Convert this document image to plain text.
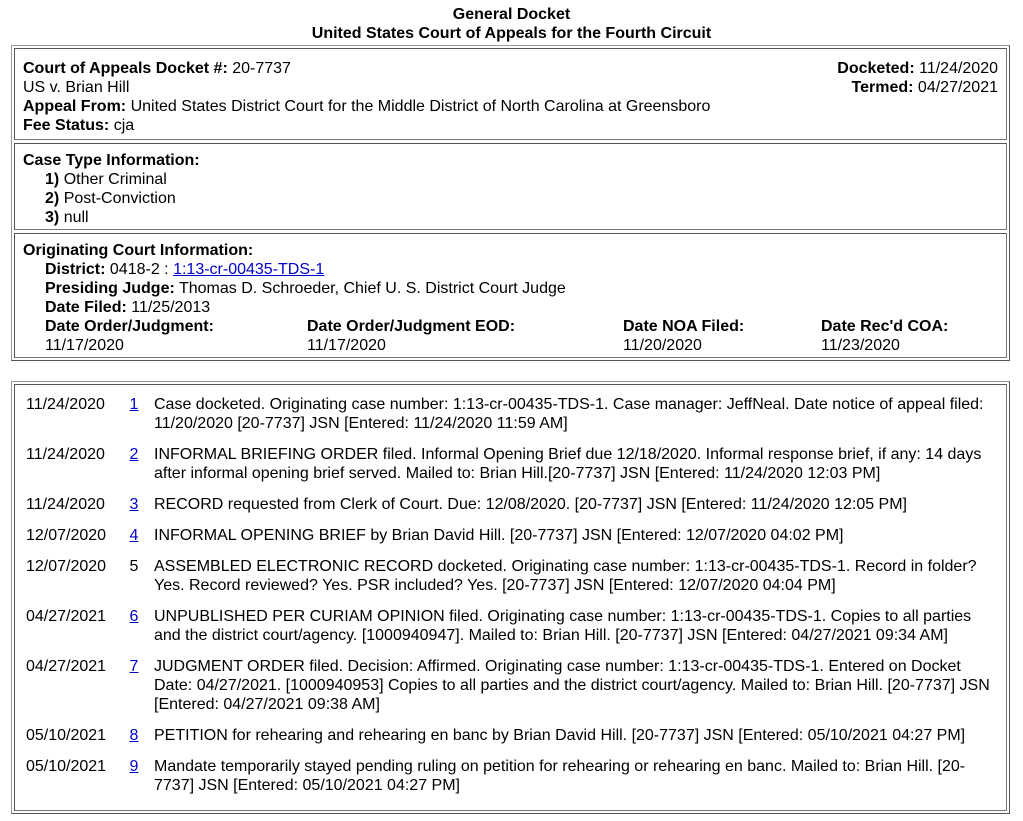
General Docket
United States Court of Appeals for the Fourth Circuit
Court of Appeals Docket #: 20-7737
US v. Brian Hill
Appeal From: United States District Court for the Middle District of North Carolina at Greensboro
Fee Status: cja
Docketed: 11/24/2020
Termed: 04/27/2021
Case Type Information:
1) Other Criminal
2) Post-Conviction
3) null
Originating Court Information:
District: 0418-2 : 1:13-cr-00435-TDS-1
Presiding Judge: Thomas D. Schroeder, Chief U. S. District Court Judge
Date Filed: 11/25/2013
Date Order/Judgment:	Date Order/Judgment EOD:	Date NOA Filed:	Date Rec'd COA:
11/17/2020	11/17/2020	11/20/2020	11/23/2020
11/24/2020	1	Case docketed. Originating case number: 1:13-cr-00435-TDS-1. Case manager: JeffNeal. Date notice of appeal filed: 11/20/2020 [20-7737] JSN [Entered: 11/24/2020 11:59 AM]
11/24/2020	2	INFORMAL BRIEFING ORDER filed. Informal Opening Brief due 12/18/2020. Informal response brief, if any: 14 days after informal opening brief served. Mailed to: Brian Hill.[20-7737] JSN [Entered: 11/24/2020 12:03 PM]
11/24/2020	3	RECORD requested from Clerk of Court. Due: 12/08/2020. [20-7737] JSN [Entered: 11/24/2020 12:05 PM]
12/07/2020	4	INFORMAL OPENING BRIEF by Brian David Hill. [20-7737] JSN [Entered: 12/07/2020 04:02 PM]
12/07/2020	5	ASSEMBLED ELECTRONIC RECORD docketed. Originating case number: 1:13-cr-00435-TDS-1. Record in folder? Yes. Record reviewed? Yes. PSR included? Yes. [20-7737] JSN [Entered: 12/07/2020 04:04 PM]
04/27/2021	6	UNPUBLISHED PER CURIAM OPINION filed. Originating case number: 1:13-cr-00435-TDS-1. Copies to all parties and the district court/agency. [1000940947]. Mailed to: Brian Hill. [20-7737] JSN [Entered: 04/27/2021 09:34 AM]
04/27/2021	7	JUDGMENT ORDER filed. Decision: Affirmed. Originating case number: 1:13-cr-00435-TDS-1. Entered on Docket Date: 04/27/2021. [1000940953] Copies to all parties and the district court/agency. Mailed to: Brian Hill. [20-7737] JSN [Entered: 04/27/2021 09:38 AM]
05/10/2021	8	PETITION for rehearing and rehearing en banc by Brian David Hill. [20-7737] JSN [Entered: 05/10/2021 04:27 PM]
05/10/2021	9	Mandate temporarily stayed pending ruling on petition for rehearing or rehearing en banc. Mailed to: Brian Hill. [20-7737] JSN [Entered: 05/10/2021 04:27 PM]
